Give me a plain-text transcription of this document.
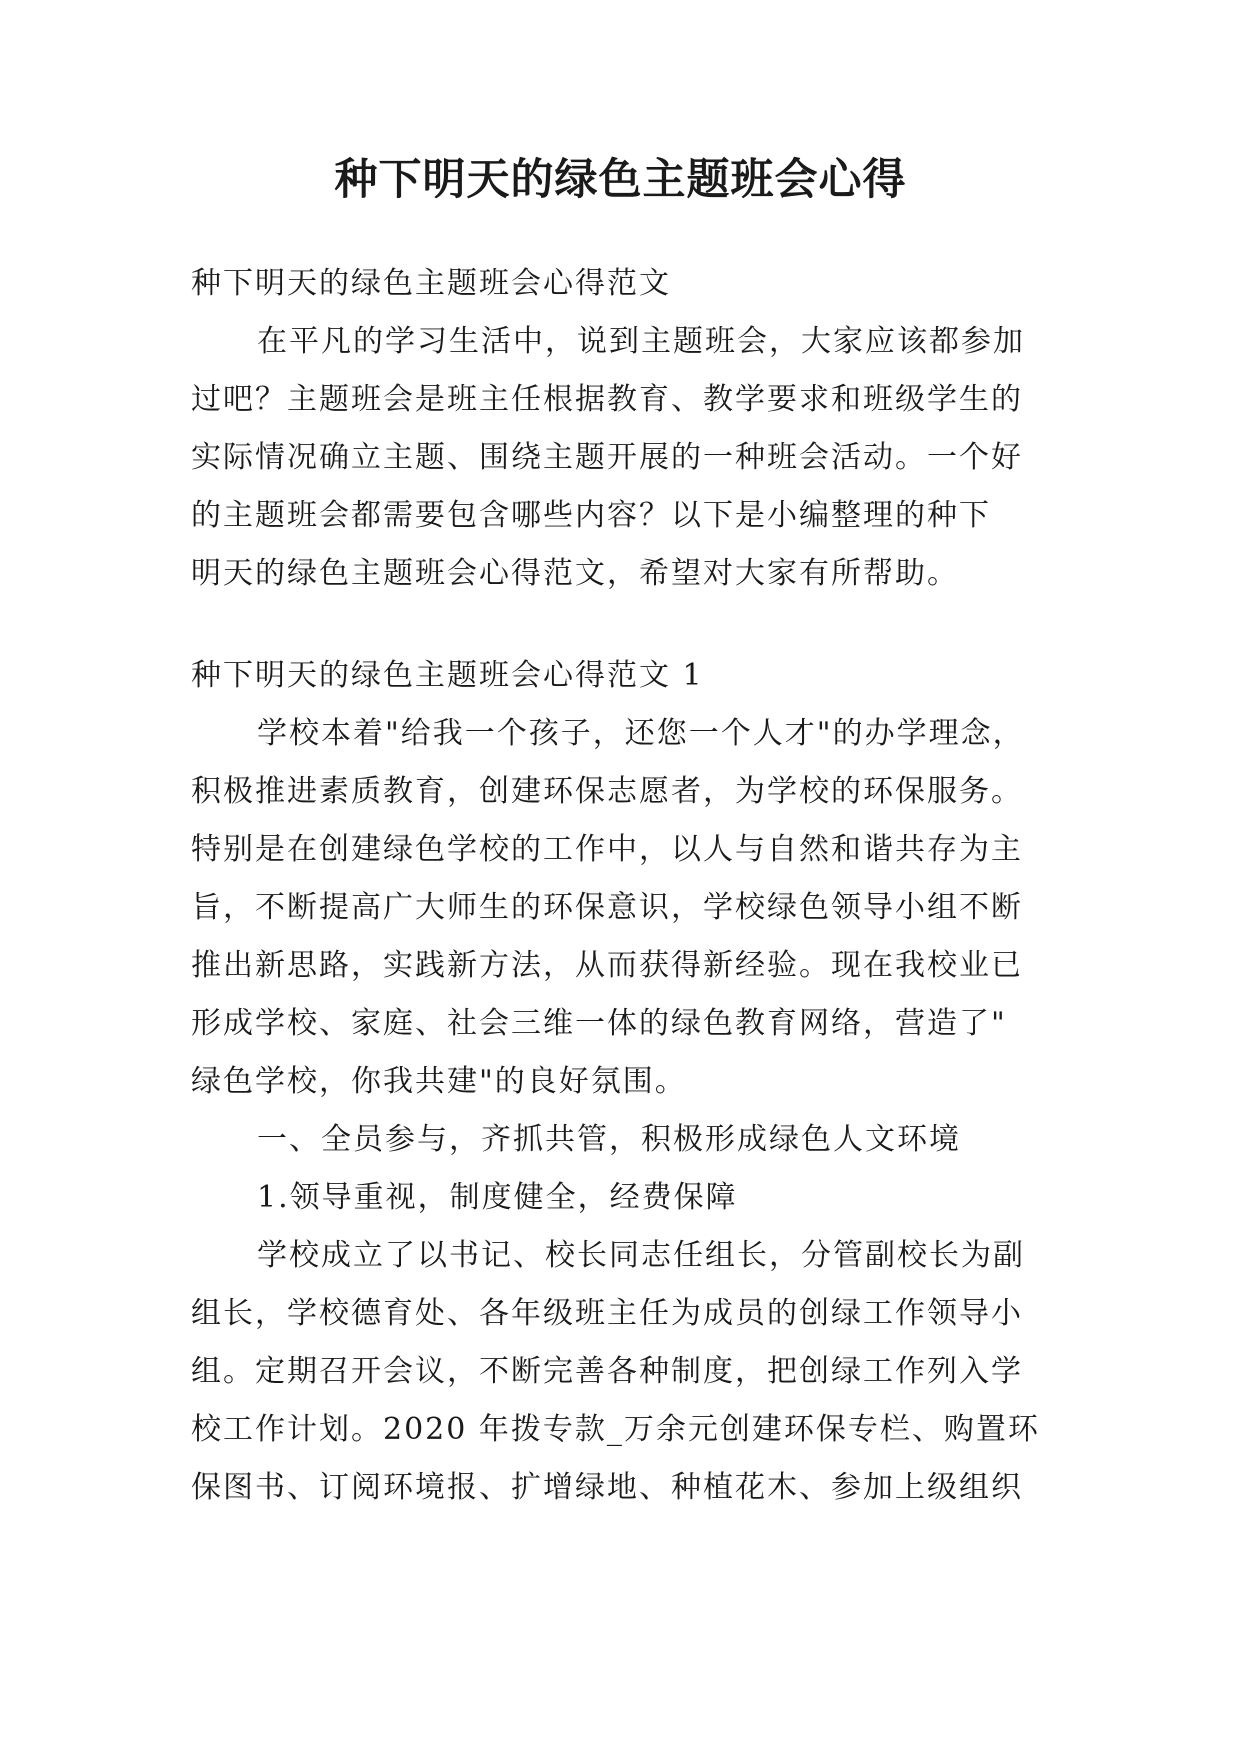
种下明天的绿色主题班会心得

种下明天的绿色主题班会心得范文

在平凡的学习生活中，说到主题班会，大家应该都参加

过吧？主题班会是班主任根据教育、教学要求和班级学生的

实际情况确立主题、围绕主题开展的一种班会活动。一个好

的主题班会都需要包含哪些内容？以下是小编整理的种下

明天的绿色主题班会心得范文，希望对大家有所帮助。

种下明天的绿色主题班会心得范文 1

学校本着"给我一个孩子，还您一个人才"的办学理念，

积极推进素质教育，创建环保志愿者，为学校的环保服务。

特别是在创建绿色学校的工作中，以人与自然和谐共存为主

旨，不断提高广大师生的环保意识，学校绿色领导小组不断

推出新思路，实践新方法，从而获得新经验。现在我校业已

形成学校、家庭、社会三维一体的绿色教育网络，营造了"

绿色学校，你我共建"的良好氛围。

一、全员参与，齐抓共管，积极形成绿色人文环境

1.领导重视，制度健全，经费保障

学校成立了以书记、校长同志任组长，分管副校长为副

组长，学校德育处、各年级班主任为成员的创绿工作领导小

组。定期召开会议，不断完善各种制度，把创绿工作列入学

校工作计划。2020 年拨专款_万余元创建环保专栏、购置环

保图书、订阅环境报、扩增绿地、种植花木、参加上级组织
